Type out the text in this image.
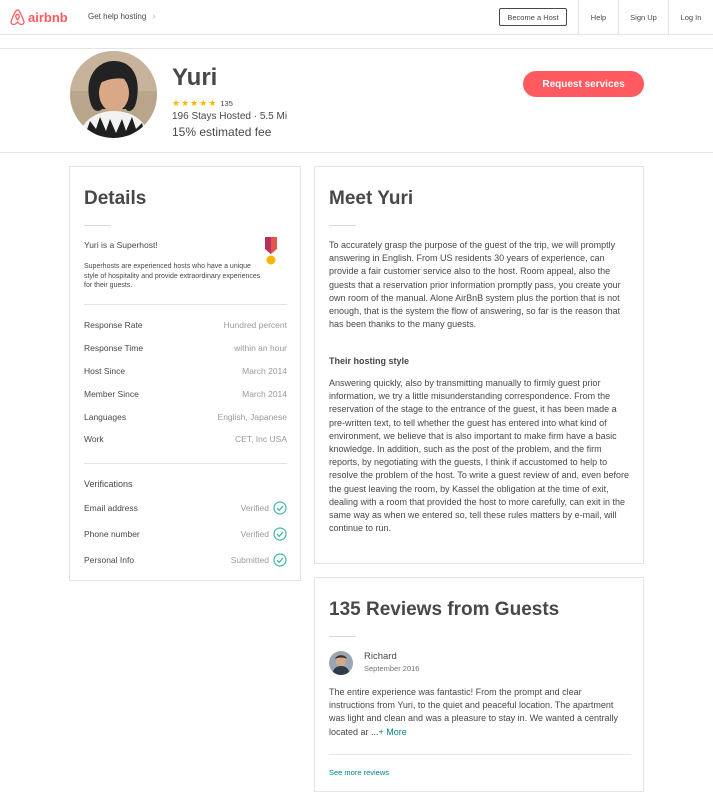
airbnb	Get help hosting ›	Become a Host	Help	Sign Up	Log In
Yuri
★ ★ ★ ★ ★ 135
196 Stays Hosted · 5.5 Mi
15% estimated fee
Request services
Details
Yuri is a Superhost!
Superhosts are experienced hosts who have a unique style of hospitality and provide extraordinary experiences for their guests.
Response Rate	Hundred percent
Response Time	within an hour
Host Since	March 2014
Member Since	March 2014
Languages	English, Japanese
Work	CET, Inc USA
Verifications
Email address	Verified
Phone number	Verified
Personal Info	Submitted
Meet Yuri
To accurately grasp the purpose of the guest of the trip, we will promptly answering in English. From US residents 30 years of experience, can provide a fair customer service also to the host. Room appeal, also the guests that a reservation prior information promptly pass, you create your own room of the manual. Alone AirBnB system plus the portion that is not enough, that is the system the flow of answering, so far is the reason that has been thanks to the many guests.
Their hosting style
Answering quickly, also by transmitting manually to firmly guest prior information, we try a little misunderstanding correspondence. From the reservation of the stage to the entrance of the guest, it has been made a pre-written text, to tell whether the guest has entered into what kind of environment, we believe that is also important to make firm have a basic knowledge. In addition, such as the post of the problem, and the firm reports, by negotiating with the guests, I think if accustomed to help to resolve the problem of the host. To write a guest review of and, even before the guest leaving the room, by Kassel the obligation at the time of exit, dealing with a room that provided the host to more carefully, can exit in the same way as when we entered so, tell these rules matters by e-mail, will continue to run.
135 Reviews from Guests
Richard
September 2016
The entire experience was fantastic! From the prompt and clear instructions from Yuri, to the quiet and peaceful location. The apartment was light and clean and was a pleasure to stay in. We wanted a centrally located ar ...+ More
See more reviews
